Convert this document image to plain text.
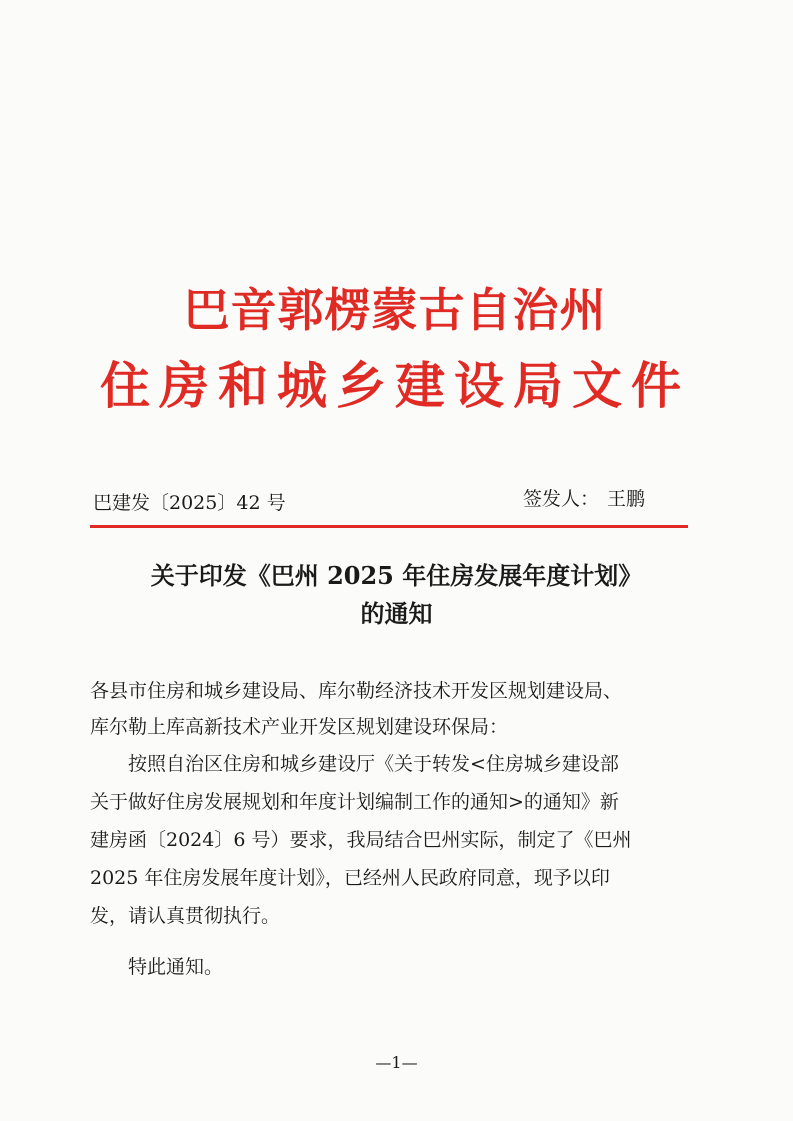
巴音郭楞蒙古自治州
住房和城乡建设局文件
巴建发〔2025〕42 号	签发人： 王鹏
关于印发《巴州 2025 年住房发展年度计划》
的通知
各县市住房和城乡建设局、库尔勒经济技术开发区规划建设局、
库尔勒上库高新技术产业开发区规划建设环保局：
按照自治区住房和城乡建设厅《关于转发<住房城乡建设部
关于做好住房发展规划和年度计划编制工作的通知>的通知》新
建房函〔2024〕6 号）要求，我局结合巴州实际，制定了《巴州
2025 年住房发展年度计划》，已经州人民政府同意，现予以印
发，请认真贯彻执行。
特此通知。
—1—
